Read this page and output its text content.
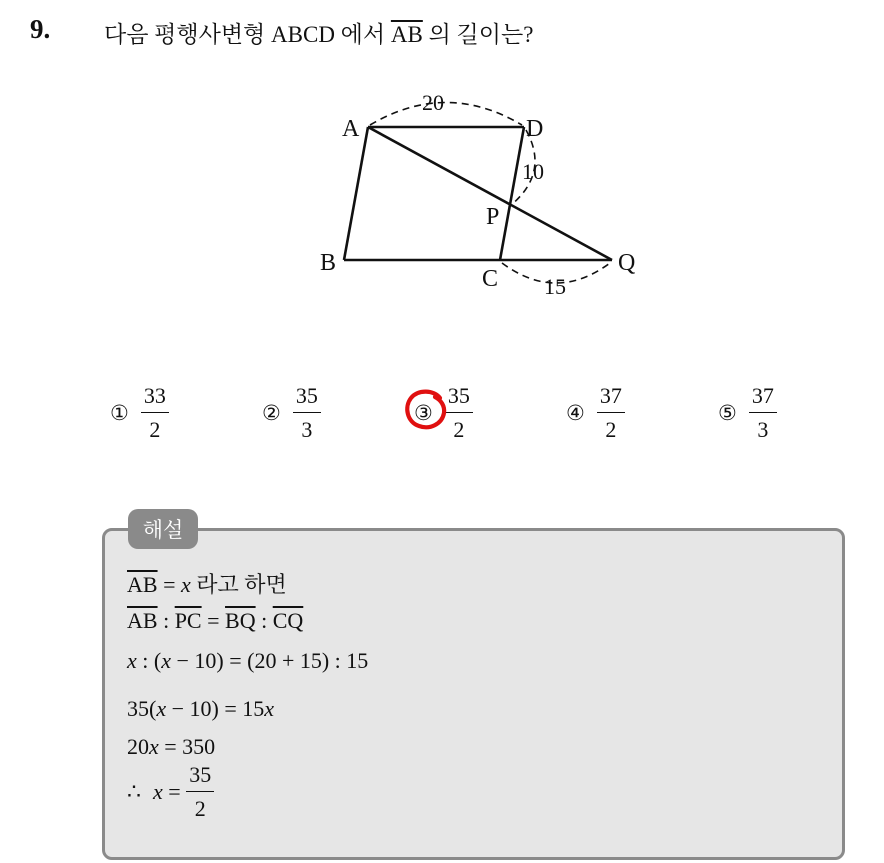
9. 다음 평행사변형 ABCD 에서 $\overline{AB}$ 의 길이는?
A	D
B
C
P
Q
20
10
15
① $\frac{33}{2}$	② $\frac{35}{3}$	③ $\frac{35}{2}$	④ $\frac{37}{2}$	⑤ $\frac{37}{3}$
해설
$\overline{AB} = x$ 라고 하면
$\overline{AB}$ : $\overline{PC} = \overline{BQ}$ : $\overline{CQ}$
x : (x − 10) = (20 + 15) : 15
35(x − 10) = 15x
20x = 350
∴ $x = \frac{35}{2}$
